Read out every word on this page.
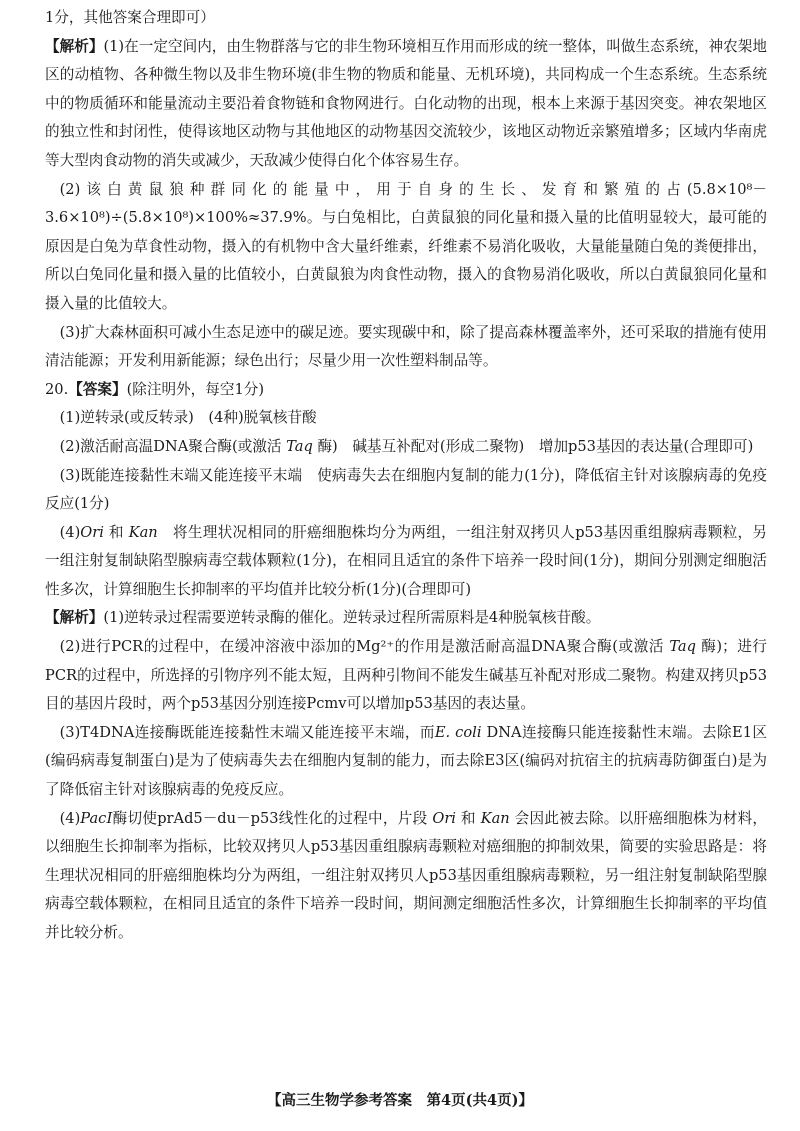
1分，其他答案合理即可）

【解析】(1)在一定空间内，由生物群落与它的非生物环境相互作用而形成的统一整体，叫做生态系统，神农架地区的动植物、各种微生物以及非生物环境(非生物的物质和能量、无机环境)，共同构成一个生态系统。生态系统中的物质循环和能量流动主要沿着食物链和食物网进行。白化动物的出现，根本上来源于基因突变。神农架地区的独立性和封闭性，使得该地区动物与其他地区的动物基因交流较少，该地区动物近亲繁殖增多；区域内华南虎等大型肉食动物的消失或减少，天敌减少使得白化个体容易生存。

(2)该白黄鼠狼种群同化的能量中，用于自身的生长、发育和繁殖的占(5.8×10⁸－3.6×10⁸)÷(5.8×10⁸)×100%≈37.9%。与白兔相比，白黄鼠狼的同化量和摄入量的比值明显较大，最可能的原因是白兔为草食性动物，摄入的有机物中含大量纤维素，纤维素不易消化吸收，大量能量随白兔的粪便排出，所以白兔同化量和摄入量的比值较小，白黄鼠狼为肉食性动物，摄入的食物易消化吸收，所以白黄鼠狼同化量和摄入量的比值较大。

(3)扩大森林面积可减小生态足迹中的碳足迹。要实现碳中和，除了提高森林覆盖率外，还可采取的措施有使用清洁能源；开发利用新能源；绿色出行；尽量少用一次性塑料制品等。

20.【答案】(除注明外，每空1分)

(1)逆转录(或反转录)　(4种)脱氧核苷酸

(2)激活耐高温DNA聚合酶(或激活 Taq 酶)　碱基互补配对(形成二聚物)　增加p53基因的表达量(合理即可)

(3)既能连接黏性末端又能连接平末端　使病毒失去在细胞内复制的能力(1分)，降低宿主针对该腺病毒的免疫反应(1分)

(4)Ori 和 Kan　将生理状况相同的肝癌细胞株均分为两组，一组注射双拷贝人p53基因重组腺病毒颗粒，另一组注射复制缺陷型腺病毒空载体颗粒(1分)，在相同且适宜的条件下培养一段时间(1分)，期间分别测定细胞活性多次，计算细胞生长抑制率的平均值并比较分析(1分)(合理即可)

【解析】(1)逆转录过程需要逆转录酶的催化。逆转录过程所需原料是4种脱氧核苷酸。

(2)进行PCR的过程中，在缓冲溶液中添加的Mg²⁺的作用是激活耐高温DNA聚合酶(或激活 Taq 酶)；进行PCR的过程中，所选择的引物序列不能太短，且两种引物间不能发生碱基互补配对形成二聚物。构建双拷贝p53目的基因片段时，两个p53基因分别连接Pcmv可以增加p53基因的表达量。

(3)T4DNA连接酶既能连接黏性末端又能连接平末端，而E. coli DNA连接酶只能连接黏性末端。去除E1区(编码病毒复制蛋白)是为了使病毒失去在细胞内复制的能力，而去除E3区(编码对抗宿主的抗病毒防御蛋白)是为了降低宿主针对该腺病毒的免疫反应。

(4)PacⅠ酶切使prAd5－du－p53线性化的过程中，片段 Ori 和 Kan 会因此被去除。以肝癌细胞株为材料，以细胞生长抑制率为指标，比较双拷贝人p53基因重组腺病毒颗粒对癌细胞的抑制效果，简要的实验思路是：将生理状况相同的肝癌细胞株均分为两组，一组注射双拷贝人p53基因重组腺病毒颗粒，另一组注射复制缺陷型腺病毒空载体颗粒，在相同且适宜的条件下培养一段时间，期间测定细胞活性多次，计算细胞生长抑制率的平均值并比较分析。

【高三生物学参考答案　 第4页(共4页)】
